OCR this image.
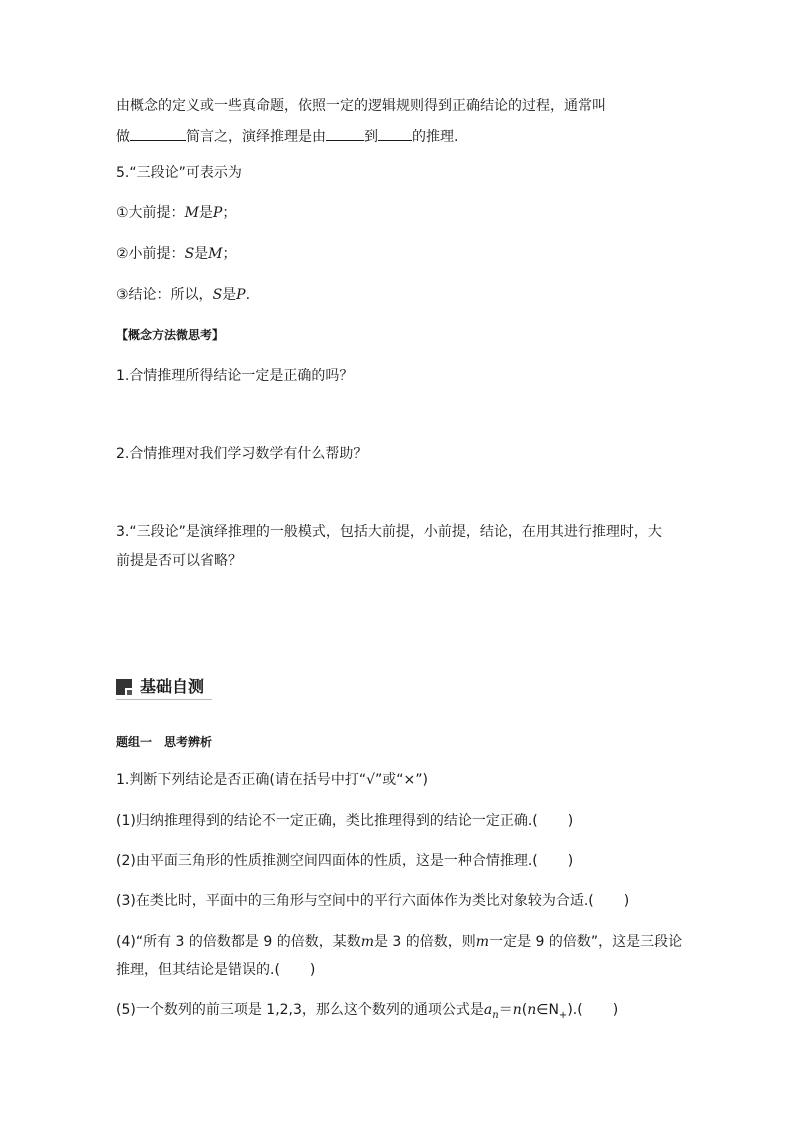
由概念的定义或一些真命题，依照一定的逻辑规则得到正确结论的过程，通常叫
做	简言之，演绎推理是由	到 的推理.
5.“三段论”可表示为
①大前提：M是P；
②小前提：S是M；
③结论：所以，S是P.
【概念方法微思考】
1.合情推理所得结论一定是正确的吗？
2.合情推理对我们学习数学有什么帮助？
3.“三段论”是演绎推理的一般模式，包括大前提，小前提，结论，在用其进行推理时，大
前提是否可以省略？
基础自测
题组一　思考辨析
1.判断下列结论是否正确(请在括号中打“√”或“×”)
(1)归纳推理得到的结论不一定正确，类比推理得到的结论一定正确.( )
(2)由平面三角形的性质推测空间四面体的性质，这是一种合情推理.( )
(3)在类比时，平面中的三角形与空间中的平行六面体作为类比对象较为合适.( )
(4)“所有 3 的倍数都是 9 的倍数，某数m是 3 的倍数，则m一定是 9 的倍数”，这是三段论
推理，但其结论是错误的.( )
(5)一个数列的前三项是 1,2,3，那么这个数列的通项公式是$a_n=n(n\in N_+)$.( )
